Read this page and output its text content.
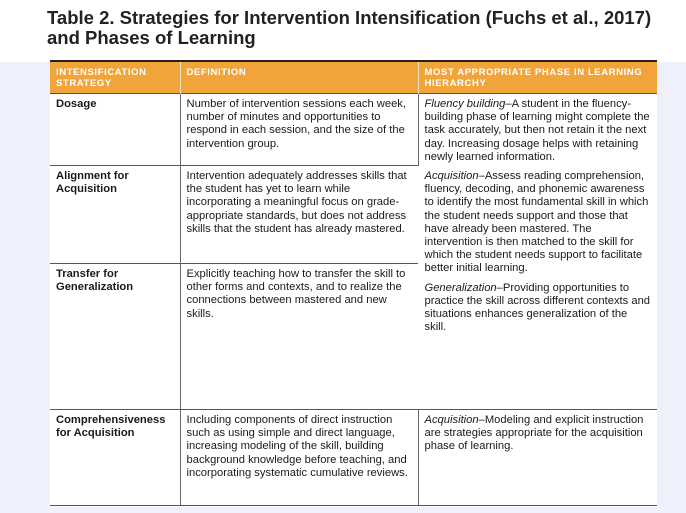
Table 2. Strategies for Intervention Intensification (Fuchs et al., 2017)
and Phases of Learning
INTENSIFICATION STRATEGY	DEFINITION	MOST APPROPRIATE PHASE IN LEARNING HIERARCHY
Dosage	Number of intervention sessions each week, number of minutes and opportunities to respond in each session, and the size of the intervention group.	Fluency building–A student in the fluency-building phase of learning might complete the task accurately, but then not retain it the next day. Increasing dosage helps with retaining newly learned information.

Acquisition–Assess reading comprehension, fluency, decoding, and phonemic awareness to identify the most fundamental skill in which the student needs support and those that have already been mastered. The intervention is then matched to the skill for which the student needs support to facilitate better initial learning.

Generalization–Providing opportunities to practice the skill across different contexts and situations enhances generalization of the skill.

Alignment for Acquisition	Intervention adequately addresses skills that the student has yet to learn while incorporating a meaningful focus on grade-appropriate standards, but does not address skills that the student has already mastered.	
Transfer for Generalization	Explicitly teaching how to transfer the skill to other forms and contexts, and to realize the connections between mastered and new skills.	
Comprehensiveness for Acquisition	Including components of direct instruction such as using simple and direct language, increasing modeling of the skill, building background knowledge before teaching, and incorporating systematic cumulative reviews.	Acquisition–Modeling and explicit instruction are strategies appropriate for the acquisition phase of learning.
